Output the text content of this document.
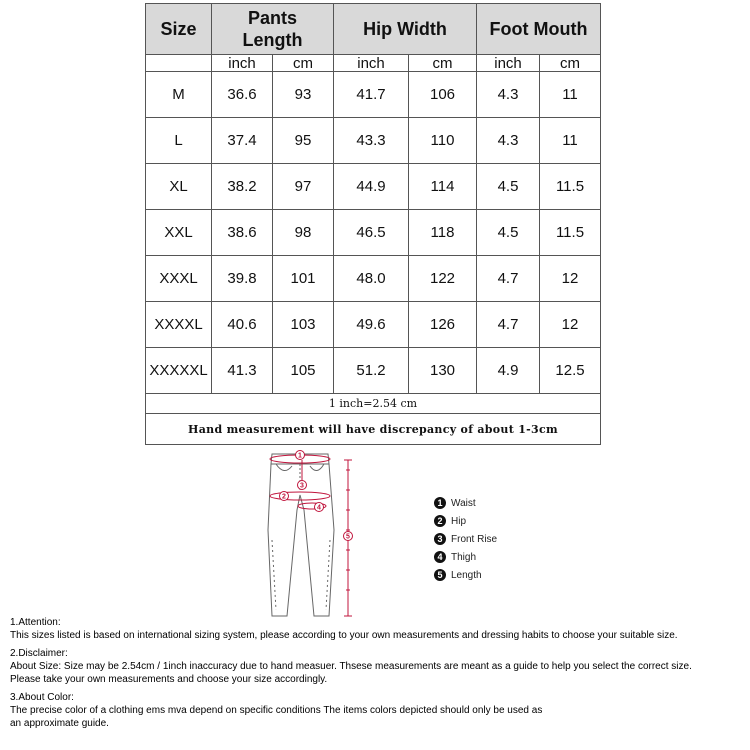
Size	Pants
Length		Hip Width		Foot Mouth	
	inch	cm	inch	cm	inch	cm
M	36.6	93	41.7	106	4.3	11
L	37.4	95	43.3	110	4.3	11
XL	38.2	97	44.9	114	4.5	11.5
XXL	38.6	98	46.5	118	4.5	11.5
XXXL	39.8	101	48.0	122	4.7	12
XXXXL	40.6	103	49.6	126	4.7	12
XXXXXL	41.3	105	51.2	130	4.9	12.5
1 inch=2.54 cm						
Hand measurement will have discrepancy of about 1-3cm						
1
2
3
4
5
1 Waist
2 Hip
3 Front Rise
4 Thigh
5 Length
1.Attention:
This sizes listed is based on international sizing system, please according to your own measurements and dressing habits to choose your suitable size.
2.Disclaimer:
About Size: Size may be 2.54cm / 1inch inaccuracy due to hand measuer. Thsese measurements are meant as a guide to help you select the correct size.
Please take your own measurements and choose your size accordingly.
3.About Color:
The precise color of a clothing ems mva depend on specific conditions The items colors depicted should only be used as
an approximate guide.
